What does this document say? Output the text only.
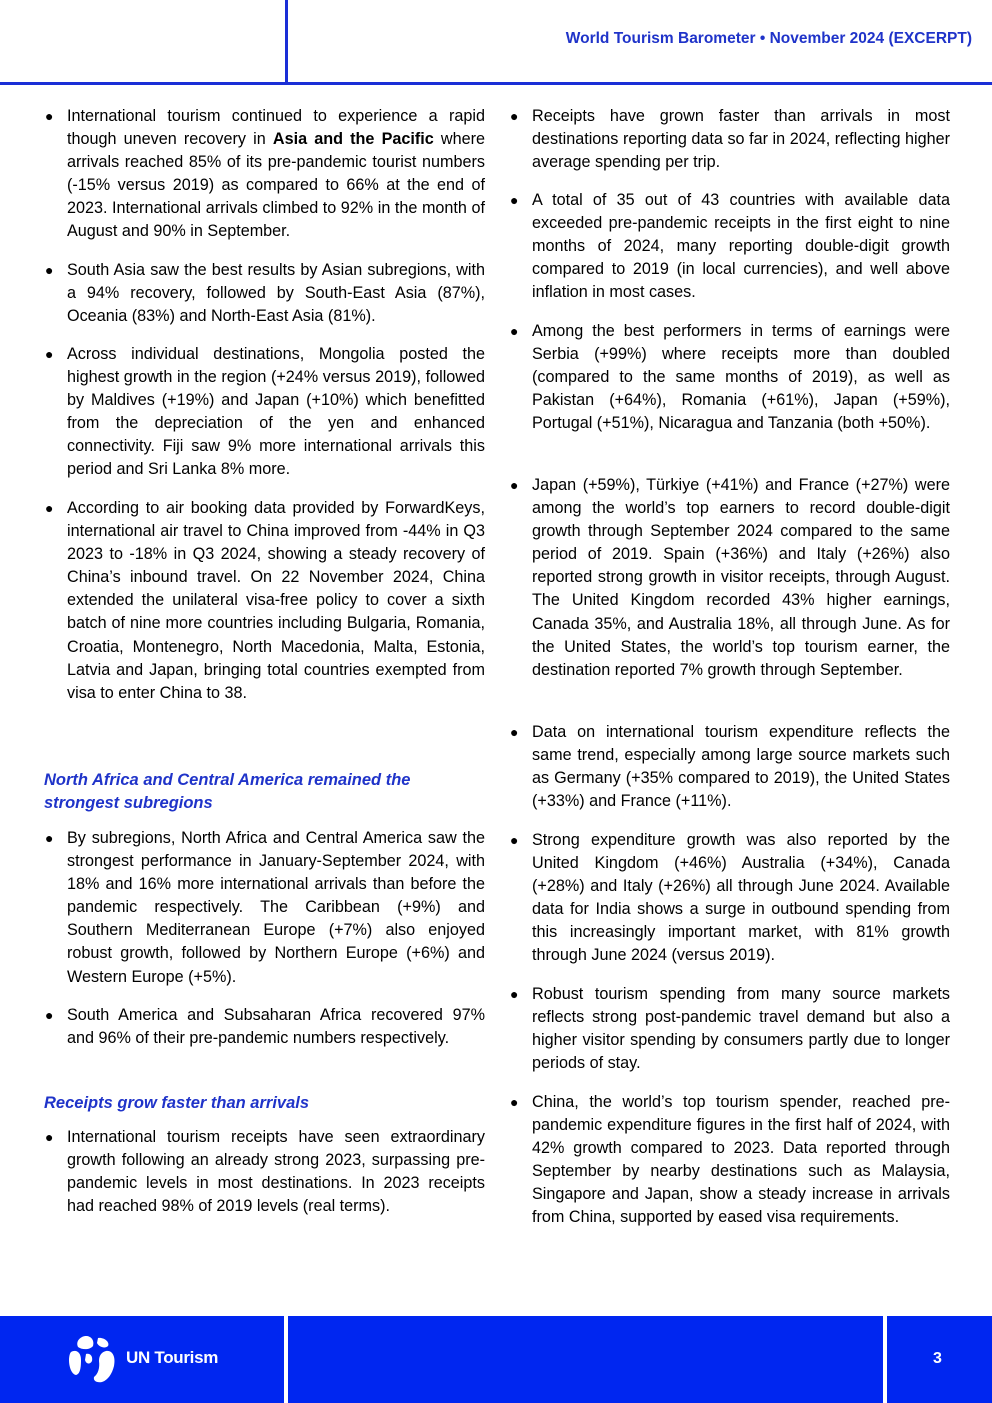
World Tourism Barometer • November 2024 (EXCERPT)
● International tourism continued to experience a rapid though uneven recovery in Asia and the Pacific where arrivals reached 85% of its pre-pandemic tourist numbers (-15% versus 2019) as compared to 66% at the end of 2023. International arrivals climbed to 92% in the month of August and 90% in September.
● South Asia saw the best results by Asian subregions, with a 94% recovery, followed by South-East Asia (87%), Oceania (83%) and North-East Asia (81%).
● Across individual destinations, Mongolia posted the highest growth in the region (+24% versus 2019), followed by Maldives (+19%) and Japan (+10%) which benefitted from the depreciation of the yen and enhanced connectivity. Fiji saw 9% more international arrivals this period and Sri Lanka 8% more.
● According to air booking data provided by ForwardKeys, international air travel to China improved from -44% in Q3 2023 to -18% in Q3 2024, showing a steady recovery of China’s inbound travel. On 22 November 2024, China extended the unilateral visa-free policy to cover a sixth batch of nine more countries including Bulgaria, Romania, Croatia, Montenegro, North Macedonia, Malta, Estonia, Latvia and Japan, bringing total countries exempted from visa to enter China to 38.
North Africa and Central America remained the strongest subregions
● By subregions, North Africa and Central America saw the strongest performance in January-September 2024, with 18% and 16% more international arrivals than before the pandemic respectively. The Caribbean (+9%) and Southern Mediterranean Europe (+7%) also enjoyed robust growth, followed by Northern Europe (+6%) and Western Europe (+5%).
● South America and Subsaharan Africa recovered 97% and 96% of their pre-pandemic numbers respectively.
Receipts grow faster than arrivals
● International tourism receipts have seen extraordinary growth following an already strong 2023, surpassing pre-pandemic levels in most destinations. In 2023 receipts had reached 98% of 2019 levels (real terms).
● Receipts have grown faster than arrivals in most destinations reporting data so far in 2024, reflecting higher average spending per trip.
● A total of 35 out of 43 countries with available data exceeded pre-pandemic receipts in the first eight to nine months of 2024, many reporting double-digit growth compared to 2019 (in local currencies), and well above inflation in most cases.
● Among the best performers in terms of earnings were Serbia (+99%) where receipts more than doubled (compared to the same months of 2019), as well as Pakistan (+64%), Romania (+61%), Japan (+59%), Portugal (+51%), Nicaragua and Tanzania (both +50%).
● Japan (+59%), Türkiye (+41%) and France (+27%) were among the world’s top earners to record double-digit growth through September 2024 compared to the same period of 2019. Spain (+36%) and Italy (+26%) also reported strong growth in visitor receipts, through August. The United Kingdom recorded 43% higher earnings, Canada 35%, and Australia 18%, all through June. As for the United States, the world’s top tourism earner, the destination reported 7% growth through September.
● Data on international tourism expenditure reflects the same trend, especially among large source markets such as Germany (+35% compared to 2019), the United States (+33%) and France (+11%).
● Strong expenditure growth was also reported by the United Kingdom (+46%) Australia (+34%), Canada (+28%) and Italy (+26%) all through June 2024. Available data for India shows a surge in outbound spending from this increasingly important market, with 81% growth through June 2024 (versus 2019).
● Robust tourism spending from many source markets reflects strong post-pandemic travel demand but also a higher visitor spending by consumers partly due to longer periods of stay.
● China, the world’s top tourism spender, reached pre-pandemic expenditure figures in the first half of 2024, with 42% growth compared to 2023. Data reported through September by nearby destinations such as Malaysia, Singapore and Japan, show a steady increase in arrivals from China, supported by eased visa requirements.
UN Tourism	3
